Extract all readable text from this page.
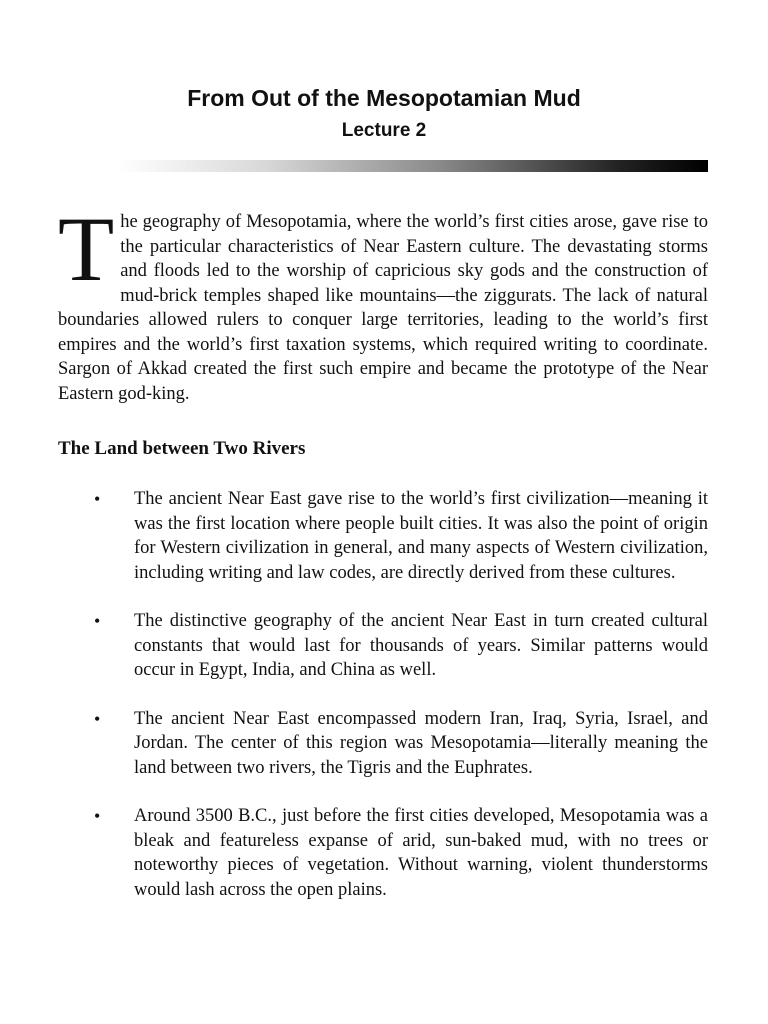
From Out of the Mesopotamian Mud
Lecture 2

The geography of Mesopotamia, where the world’s first cities arose, gave rise to the particular characteristics of Near Eastern culture. The devastating storms and floods led to the worship of capricious sky gods and the construction of mud-brick temples shaped like mountains—the ziggurats. The lack of natural boundaries allowed rulers to conquer large territories, leading to the world’s first empires and the world’s first taxation systems, which required writing to coordinate. Sargon of Akkad created the first such empire and became the prototype of the Near Eastern god-king.

The Land between Two Rivers
• The ancient Near East gave rise to the world’s first civilization—meaning it was the first location where people built cities. It was also the point of origin for Western civilization in general, and many aspects of Western civilization, including writing and law codes, are directly derived from these cultures.
• The distinctive geography of the ancient Near East in turn created cultural constants that would last for thousands of years. Similar patterns would occur in Egypt, India, and China as well.
• The ancient Near East encompassed modern Iran, Iraq, Syria, Israel, and Jordan. The center of this region was Mesopotamia—literally meaning the land between two rivers, the Tigris and the Euphrates.
• Around 3500 B.C., just before the first cities developed, Mesopotamia was a bleak and featureless expanse of arid, sun-baked mud, with no trees or noteworthy pieces of vegetation. Without warning, violent thunderstorms would lash across the open plains.
